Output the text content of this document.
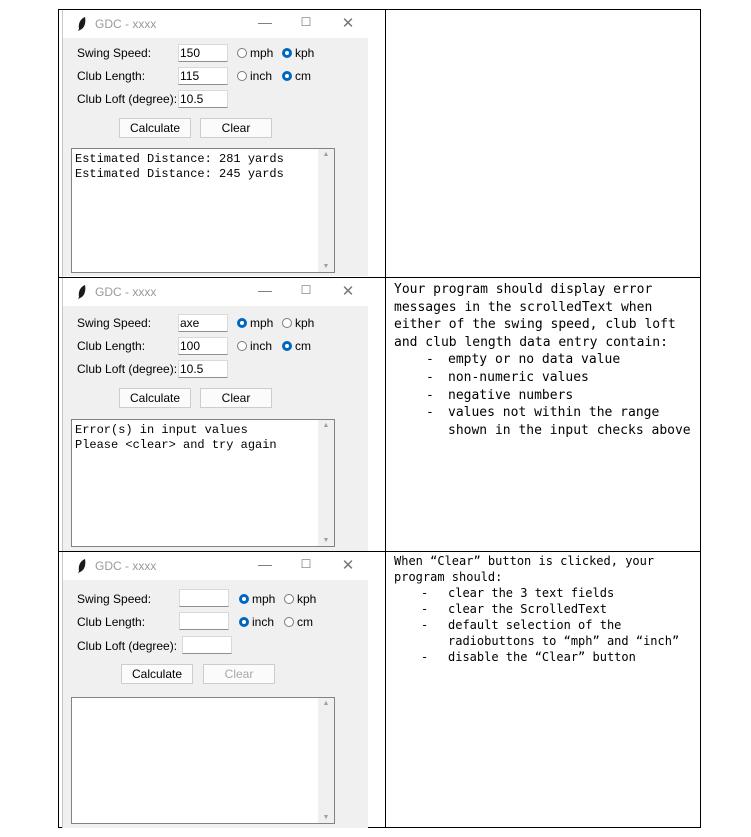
GDC - xxxx	—	☐ ✕
Swing Speed: 150	mph	kph
Club Length:	115	inch	cm
Club Loft (degree): 10.5
Calculate	Clear
Estimated Distance: 281 yards
Estimated Distance: 245 yards
▲
▼
GDC - xxxx	—	☐ ✕
Swing Speed: axe	mph	kph
Club Length:	100	inch	cm
Club Loft (degree): 10.5
Calculate	Clear
Error(s) in input values
Please <clear> and try again
▲
▼

Your program should display error messages in the scrolledText when either of the swing speed, club loft and club length data entry contain:

- empty or no data value
- non-numeric values
- negative numbers
- values not within the range shown in the input checks above
GDC - xxxx	—	☐ ✕
Swing Speed:	mph	kph
Club Length:	inch	cm
Club Loft (degree):
Calculate	Clear
▲
▼

When “Clear” button is clicked, your program should:

- clear the 3 text fields
- clear the ScrolledText
- default selection of the radiobuttons to “mph” and “inch”
- disable the “Clear” button
